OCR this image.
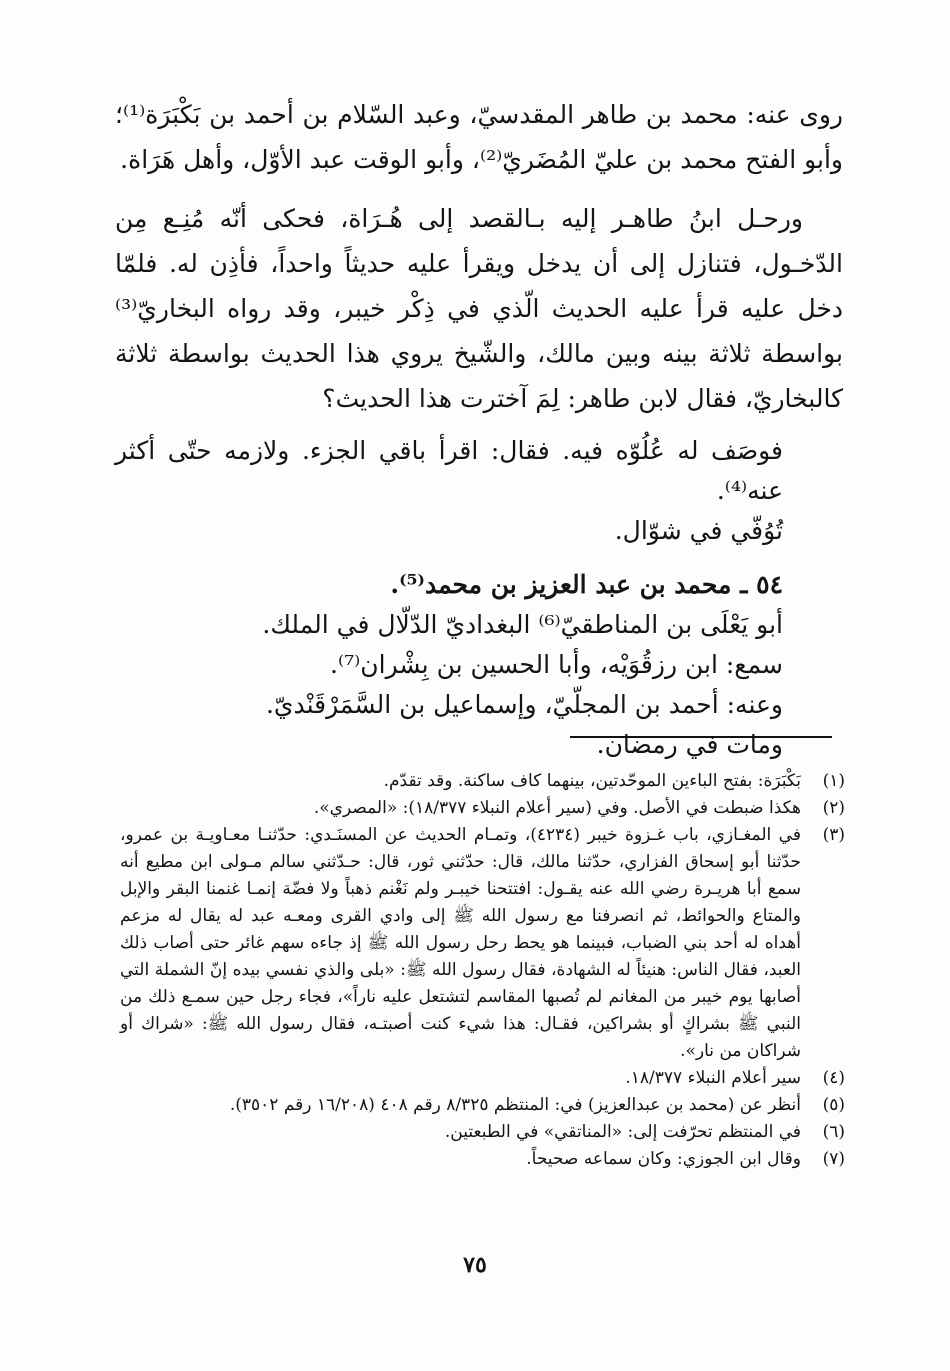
روى عنه: محمد بن طاهر المقدسيّ، وعبد السّلام بن أحمد بن بَكْبَرَة⁽¹⁾؛ وأبو الفتح محمد بن عليّ المُضَريّ⁽²⁾، وأبو الوقت عبد الأوّل، وأهل هَرَاة.

ورحـل ابنُ طاهـر إليه بـالقصد إلى هُـرَاة، فحكى أنّه مُنِـع مِن الدّخـول، فتنازل إلى أن يدخل ويقرأ عليه حديثاً واحداً، فأذِن له. فلمّا دخل عليه قرأ عليه الحديث الّذي في ذِكْر خيبر، وقد رواه البخاريّ⁽³⁾ بواسطة ثلاثة بينه وبين مالك، والشّيخ يروي هذا الحديث بواسطة ثلاثة كالبخاريّ، فقال لابن طاهر: لِمَ آخترت هذا الحديث؟

فوصَف له عُلُوّه فيه. فقال: اقرأ باقي الجزء. ولازمه حتّى أكثر عنه⁽⁴⁾.
تُوُفّي في شوّال.
٥٤ ـ محمد بن عبد العزيز بن محمد⁽⁵⁾.
أبو يَعْلَى بن المناطقيّ⁽⁶⁾ البغداديّ الدّلّال في الملك.
سمع: ابن رزقُوَيْه، وأبا الحسين بن بِشْران⁽⁷⁾.
وعنه: أحمد بن المجلّيّ، وإسماعيل بن السَّمَرْقَنْديّ.
ومات في رمضان.
(١)
بَكْبَرَة: بفتح الباءين الموحّدتين، بينهما كاف ساكنة. وقد تقدّم.
(٢)
هكذا ضبطت في الأصل. وفي (سير أعلام النبلاء ١٨/٣٧٧): «المصري».
(٣)
في المغـازي، باب غـزوة خيبر (٤٢٣٤)، وتمـام الحديث عن المسنَـدي: حدّثنـا معـاويـة بن عمرو، حدّثنا أبو إسحاق الفزاري، حدّثنا مالك، قال: حدّثني ثور، قال: حـدّثني سالم مـولى ابن مطيع أنه سمع أبا هريـرة رضي الله عنه يقـول: افتتحنا خيبـر ولم نَغْنم ذهباً ولا فضّة إنمـا غنمنا البقر والإبل والمتاع والحوائط، ثم انصرفنا مع رسول الله ﷺ إلى وادي القرى ومعـه عبد له يقال له مزعم أهداه له أحد بني الضباب، فبينما هو يحط رحل رسول الله ﷺ إذ جاءه سهم غائر حتى أصاب ذلك العبد، فقال الناس: هنيئاً له الشهادة، فقال رسول الله ﷺ: «بلى والذي نفسي بيده إنّ الشملة التي أصابها يوم خيبر من المغانم لم تُصبها المقاسم لتشتعل عليه ناراً»، فجاء رجل حين سمـع ذلك من النبي ﷺ بشراكٍ أو بشراكين، فقـال: هذا شيء كنت أصبتـه، فقال رسول الله ﷺ: «شراك أو شراكان من نار».
(٤)
سير أعلام النبلاء ١٨/٣٧٧.
(٥)
أنظر عن (محمد بن عبدالعزيز) في: المنتظم ٨/٣٢٥ رقم ٤٠٨ (١٦/٢٠٨ رقم ٣٥٠٢).
(٦)
في المنتظم تحرّفت إلى: «المناتقي» في الطبعتين.
(٧)
وقال ابن الجوزي: وكان سماعه صحيحاً.
٧٥
